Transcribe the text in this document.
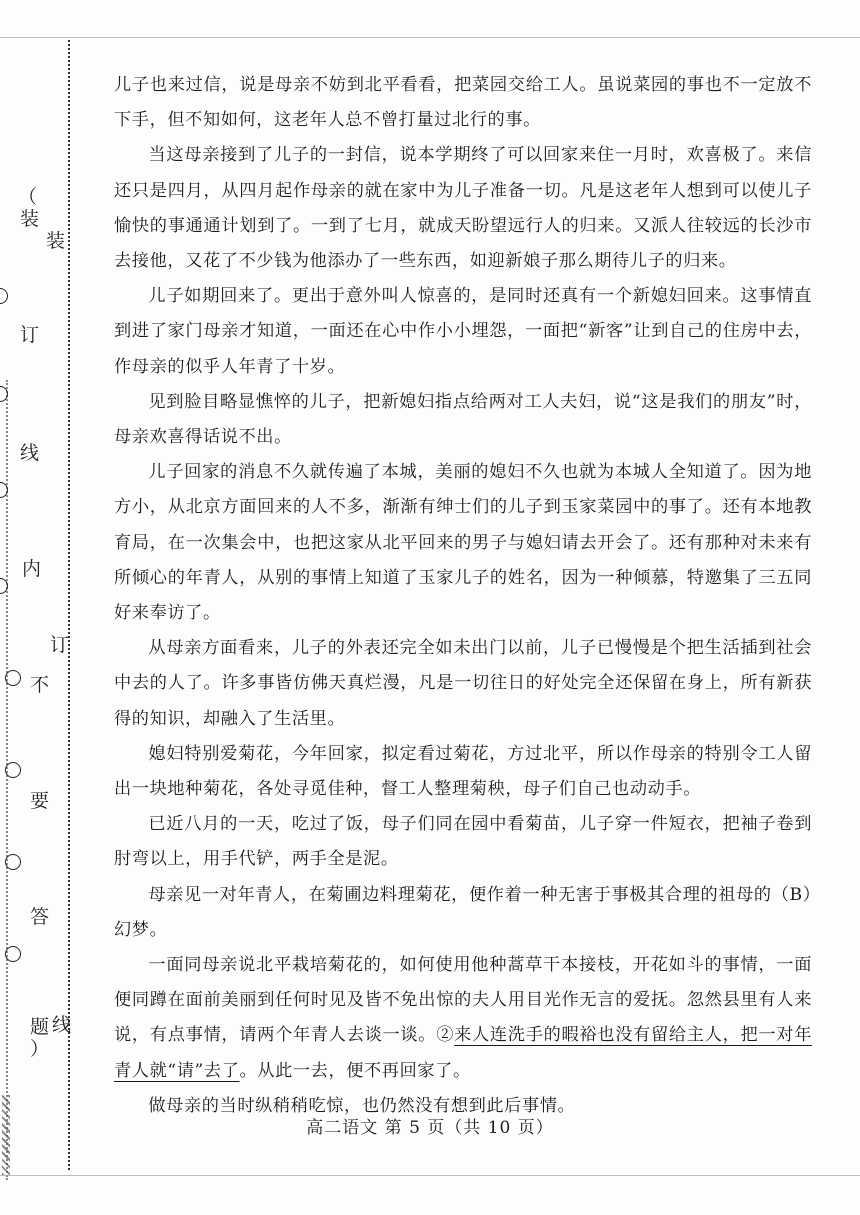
（
装
订
线
内
不
要
答
题
）
装
订
线

儿子也来过信，说是母亲不妨到北平看看，把菜园交给工人。虽说菜园的事也不一定放不下手，但不知如何，这老年人总不曾打量过北行的事。

当这母亲接到了儿子的一封信，说本学期终了可以回家来住一月时，欢喜极了。来信还只是四月，从四月起作母亲的就在家中为儿子准备一切。凡是这老年人想到可以使儿子愉快的事通通计划到了。一到了七月，就成天盼望远行人的归来。又派人往较远的长沙市去接他，又花了不少钱为他添办了一些东西，如迎新娘子那么期待儿子的归来。

儿子如期回来了。更出于意外叫人惊喜的，是同时还真有一个新媳妇回来。这事情直到进了家门母亲才知道，一面还在心中作小小埋怨，一面把“新客”让到自己的住房中去，作母亲的似乎人年青了十岁。

见到脸目略显憔悴的儿子，把新媳妇指点给两对工人夫妇，说“这是我们的朋友”时，母亲欢喜得话说不出。

儿子回家的消息不久就传遍了本城，美丽的媳妇不久也就为本城人全知道了。因为地方小，从北京方面回来的人不多，渐渐有绅士们的儿子到玉家菜园中的事了。还有本地教育局，在一次集会中，也把这家从北平回来的男子与媳妇请去开会了。还有那种对未来有所倾心的年青人，从别的事情上知道了玉家儿子的姓名，因为一种倾慕，特邀集了三五同好来奉访了。

从母亲方面看来，儿子的外表还完全如未出门以前，儿子已慢慢是个把生活插到社会中去的人了。许多事皆仿佛天真烂漫，凡是一切往日的好处完全还保留在身上，所有新获得的知识，却融入了生活里。

媳妇特别爱菊花，今年回家，拟定看过菊花，方过北平，所以作母亲的特别令工人留出一块地种菊花，各处寻觅佳种，督工人整理菊秧，母子们自己也动动手。

已近八月的一天，吃过了饭，母子们同在园中看菊苗，儿子穿一件短衣，把袖子卷到肘弯以上，用手代铲，两手全是泥。

母亲见一对年青人，在菊圃边料理菊花，便作着一种无害于事极其合理的祖母的（B）幻梦。

一面同母亲说北平栽培菊花的，如何使用他种蒿草干本接枝，开花如斗的事情，一面便同蹲在面前美丽到任何时见及皆不免出惊的夫人用目光作无言的爱抚。忽然县里有人来说，有点事情，请两个年青人去谈一谈。②来人连洗手的暇裕也没有留给主人，把一对年青人就“请”去了。从此一去，便不再回家了。

做母亲的当时纵稍稍吃惊，也仍然没有想到此后事情。

高二语文 第 5 页（共 10 页）
